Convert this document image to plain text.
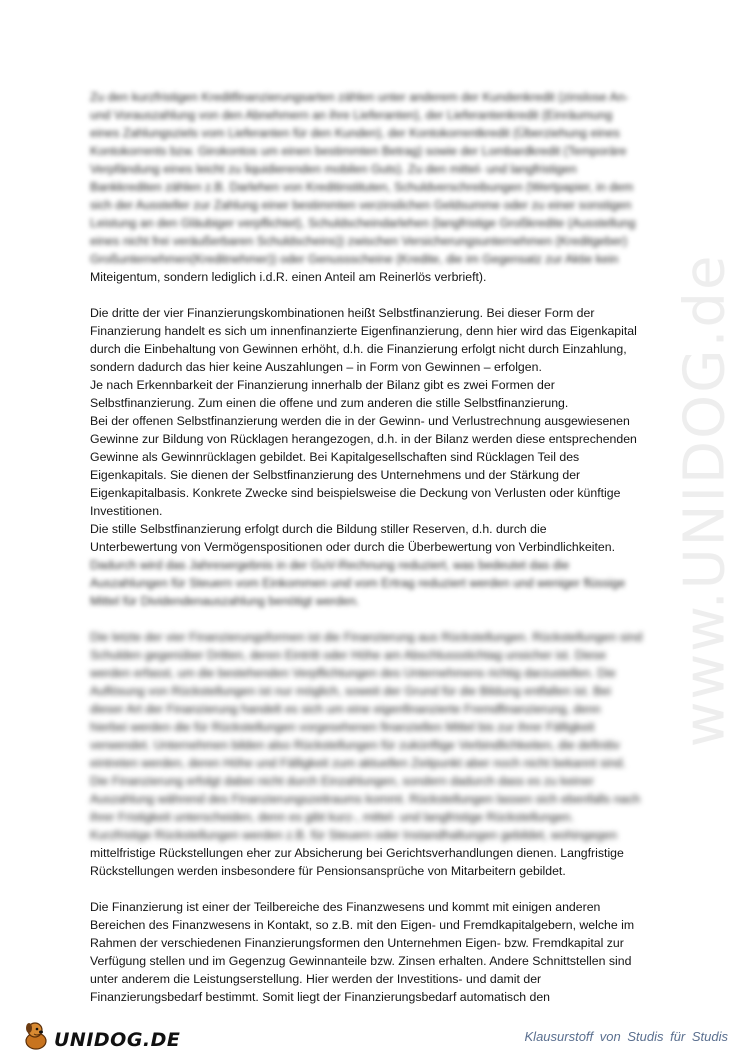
Zu den kurzfristigen Kreditfinanzierungsarten zählen unter anderem der Kundenkredit (zinslose An-
und Vorauszahlung von den Abnehmern an ihre Lieferanten), der Lieferantenkredit (Einräumung
eines Zahlungsziels vom Lieferanten für den Kunden), der Kontokorrentkredit (Überziehung eines
Kontokorrents bzw. Girokontos um einen bestimmten Betrag) sowie der Lombardkredit (Temporäre
Verpfändung eines leicht zu liquidierenden mobilen Guts). Zu den mittel- und langfristigen
Bankkrediten zählen z.B. Darlehen von Kreditinstituten, Schuldverschreibungen (Wertpapier, in dem
sich der Aussteller zur Zahlung einer bestimmten verzinslichen Geldsumme oder zu einer sonstigen
Leistung an den Gläubiger verpflichtet), Schuldscheindarlehen (langfristige Großkredite (Ausstellung
eines nicht frei veräußerbaren Schuldscheins)) zwischen Versicherungsunternehmen (Kreditgeber)
Großunternehmen(Kreditnehmer)) oder Genussscheine (Kredite, die im Gegensatz zur Aktie kein
Miteigentum, sondern lediglich i.d.R. einen Anteil am Reinerlös verbrieft).
Die dritte der vier Finanzierungskombinationen heißt Selbstfinanzierung. Bei dieser Form der
Finanzierung handelt es sich um innenfinanzierte Eigenfinanzierung, denn hier wird das Eigenkapital
durch die Einbehaltung von Gewinnen erhöht, d.h. die Finanzierung erfolgt nicht durch Einzahlung,
sondern dadurch das hier keine Auszahlungen – in Form von Gewinnen – erfolgen.
Je nach Erkennbarkeit der Finanzierung innerhalb der Bilanz gibt es zwei Formen der
Selbstfinanzierung. Zum einen die offene und zum anderen die stille Selbstfinanzierung.
Bei der offenen Selbstfinanzierung werden die in der Gewinn- und Verlustrechnung ausgewiesenen
Gewinne zur Bildung von Rücklagen herangezogen, d.h. in der Bilanz werden diese entsprechenden
Gewinne als Gewinnrücklagen gebildet. Bei Kapitalgesellschaften sind Rücklagen Teil des
Eigenkapitals. Sie dienen der Selbstfinanzierung des Unternehmens und der Stärkung der
Eigenkapitalbasis. Konkrete Zwecke sind beispielsweise die Deckung von Verlusten oder künftige
Investitionen.
Die stille Selbstfinanzierung erfolgt durch die Bildung stiller Reserven, d.h. durch die
Unterbewertung von Vermögenspositionen oder durch die Überbewertung von Verbindlichkeiten.
Dadurch wird das Jahresergebnis in der GuV-Rechnung reduziert, was bedeutet das die
Auszahlungen für Steuern vom Einkommen und vom Ertrag reduziert werden und weniger flüssige
Mittel für Dividendenauszahlung benötigt werden.
Die letzte der vier Finanzierungsformen ist die Finanzierung aus Rückstellungen. Rückstellungen sind
Schulden gegenüber Dritten, deren Eintritt oder Höhe am Abschlussstichtag unsicher ist. Diese
werden erfasst, um die bestehenden Verpflichtungen des Unternehmens richtig darzustellen. Die
Auflösung von Rückstellungen ist nur möglich, soweit der Grund für die Bildung entfallen ist. Bei
dieser Art der Finanzierung handelt es sich um eine eigenfinanzierte Fremdfinanzierung, denn
hierbei werden die für Rückstellungen vorgesehenen finanziellen Mittel bis zur ihrer Fälligkeit
verwendet. Unternehmen bilden also Rückstellungen für zukünftige Verbindlichkeiten, die definitiv
eintreten werden, deren Höhe und Fälligkeit zum aktuellen Zeitpunkt aber noch nicht bekannt sind.
Die Finanzierung erfolgt dabei nicht durch Einzahlungen, sondern dadurch dass es zu keiner
Auszahlung während des Finanzierungszeitraums kommt. Rückstellungen lassen sich ebenfalls nach
ihrer Fristigkeit unterscheiden, denn es gibt kurz-, mittel- und langfristige Rückstellungen.
Kurzfristige Rückstellungen werden z.B. für Steuern oder Instandhaltungen gebildet, wohingegen
mittelfristige Rückstellungen eher zur Absicherung bei Gerichtsverhandlungen dienen. Langfristige
Rückstellungen werden insbesondere für Pensionsansprüche von Mitarbeitern gebildet.
Die Finanzierung ist einer der Teilbereiche des Finanzwesens und kommt mit einigen anderen
Bereichen des Finanzwesens in Kontakt, so z.B. mit den Eigen- und Fremdkapitalgebern, welche im
Rahmen der verschiedenen Finanzierungsformen den Unternehmen Eigen- bzw. Fremdkapital zur
Verfügung stellen und im Gegenzug Gewinnanteile bzw. Zinsen erhalten. Andere Schnittstellen sind
unter anderem die Leistungserstellung. Hier werden der Investitions- und damit der
Finanzierungsbedarf bestimmt. Somit liegt der Finanzierungsbedarf automatisch den
www.UNIDOG.de
UNIDOG.DE	Klausurstoff von Studis für Studis
